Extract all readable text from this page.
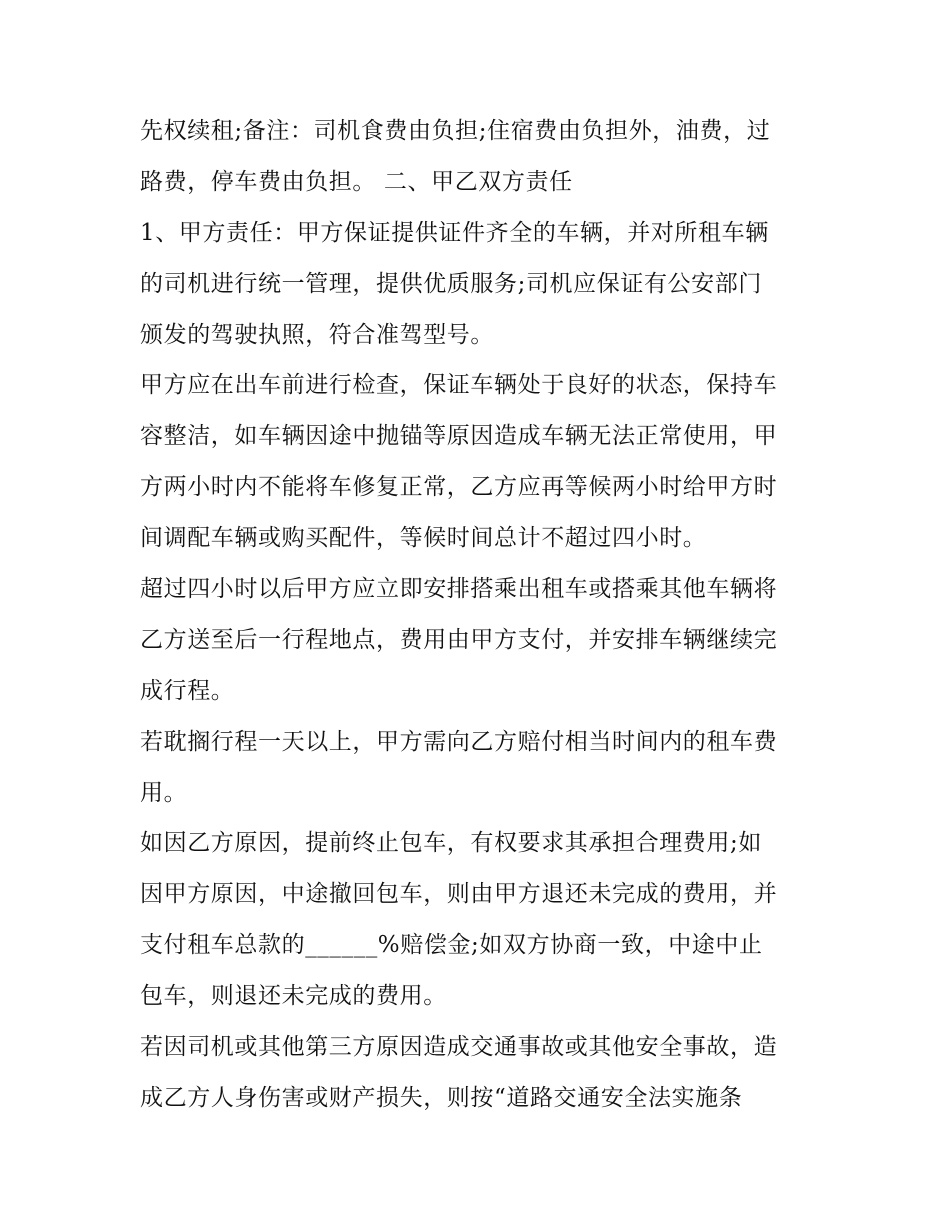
先权续租;备注：司机食费由负担;住宿费由负担外，油费，过
路费，停车费由负担。 二、甲乙双方责任
1、甲方责任：甲方保证提供证件齐全的车辆，并对所租车辆
的司机进行统一管理，提供优质服务;司机应保证有公安部门
颁发的驾驶执照，符合准驾型号。
甲方应在出车前进行检查，保证车辆处于良好的状态，保持车
容整洁，如车辆因途中抛锚等原因造成车辆无法正常使用，甲
方两小时内不能将车修复正常，乙方应再等候两小时给甲方时
间调配车辆或购买配件，等候时间总计不超过四小时。
超过四小时以后甲方应立即安排搭乘出租车或搭乘其他车辆将
乙方送至后一行程地点，费用由甲方支付，并安排车辆继续完
成行程。
若耽搁行程一天以上，甲方需向乙方赔付相当时间内的租车费
用。
如因乙方原因，提前终止包车，有权要求其承担合理费用;如
因甲方原因，中途撤回包车，则由甲方退还未完成的费用，并
支付租车总款的______%赔偿金;如双方协商一致，中途中止
包车，则退还未完成的费用。
若因司机或其他第三方原因造成交通事故或其他安全事故，造
成乙方人身伤害或财产损失，则按“道路交通安全法实施条
